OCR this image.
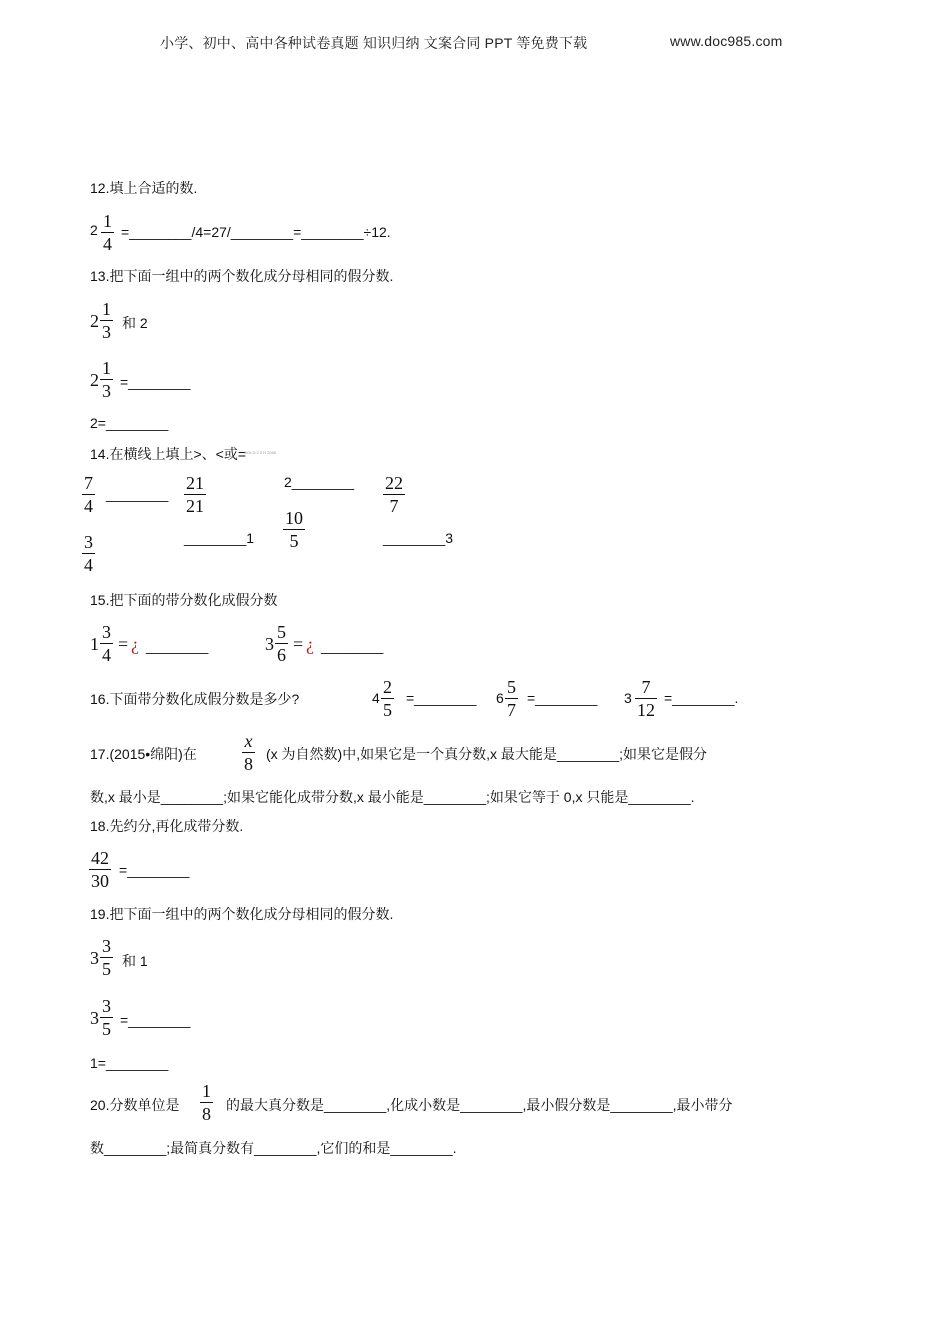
小学、初中、高中各种试卷真题 知识归纳 文案合同 PPT 等免费下载	www.doc985.com
12.填上合适的数.
$2 \frac{1}{4}$ =________/4=27/________=________÷12.
13.把下面一组中的两个数化成分母相同的假分数.
$2 \frac{1}{3}$ 和 2
$2 \frac{1}{3}$ =________
2=________
14.在横线上填上>、<或=
GOLD:2 0 H 2065
$\frac{7}{4}$ ________ $\frac{21}{21}$	2________ $\frac{22}{7}$
$\frac{10}{5}$
$\frac{3}{4}$	________1	________3
15.把下面的带分数化成假分数
$1 \frac{3}{4}$ = ¿ ________	$3 \frac{5}{6}$ = ¿ ________
16.下面带分数化成假分数是多少?	$4 \frac{2}{5}$ =________ $6 \frac{5}{7}$ =________ $3 \frac{7}{12}$ =________.
17.(2015•绵阳)在	$\frac{x}{8} (x$ 为自然数)中,如果它是一个真分数,x 最大能是________;如果它是假分
数,x 最小是________;如果它能化成带分数,x 最小能是________;如果它等于 0,x 只能是________.
18.先约分,再化成带分数.
$\frac{42}{30}$ =________
19.把下面一组中的两个数化成分母相同的假分数.
$3 \frac{3}{5}$ 和 1
$3 \frac{3}{5}$ =________
1=________
20.分数单位是 $\frac{1}{8}$ 的最大真分数是________,化成小数是________,最小假分数是________,最小带分
数________;最简真分数有________,它们的和是________.
